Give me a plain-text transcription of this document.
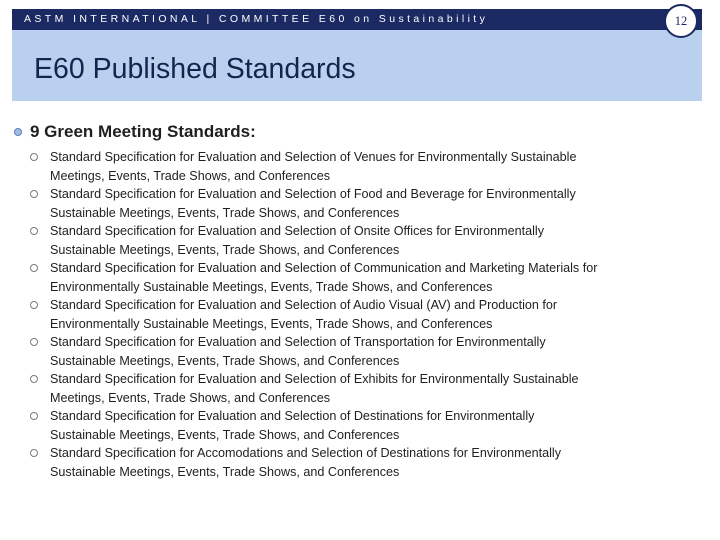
ASTM INTERNATIONAL | COMMITTEE E60 on Sustainability
E60 Published Standards
12
9 Green Meeting Standards:
Standard Specification for Evaluation and Selection of Venues for Environmentally Sustainable
Meetings, Events, Trade Shows, and Conferences
Standard Specification for Evaluation and Selection of Food and Beverage for Environmentally
Sustainable Meetings, Events, Trade Shows, and Conferences
Standard Specification for Evaluation and Selection of Onsite Offices for Environmentally
Sustainable Meetings, Events, Trade Shows, and Conferences
Standard Specification for Evaluation and Selection of Communication and Marketing Materials for
Environmentally Sustainable Meetings, Events, Trade Shows, and Conferences
Standard Specification for Evaluation and Selection of Audio Visual (AV) and Production for
Environmentally Sustainable Meetings, Events, Trade Shows, and Conferences
Standard Specification for Evaluation and Selection of Transportation for Environmentally
Sustainable Meetings, Events, Trade Shows, and Conferences
Standard Specification for Evaluation and Selection of Exhibits for Environmentally Sustainable
Meetings, Events, Trade Shows, and Conferences
Standard Specification for Evaluation and Selection of Destinations for Environmentally
Sustainable Meetings, Events, Trade Shows, and Conferences
Standard Specification for Accomodations and Selection of Destinations for Environmentally
Sustainable Meetings, Events, Trade Shows, and Conferences
